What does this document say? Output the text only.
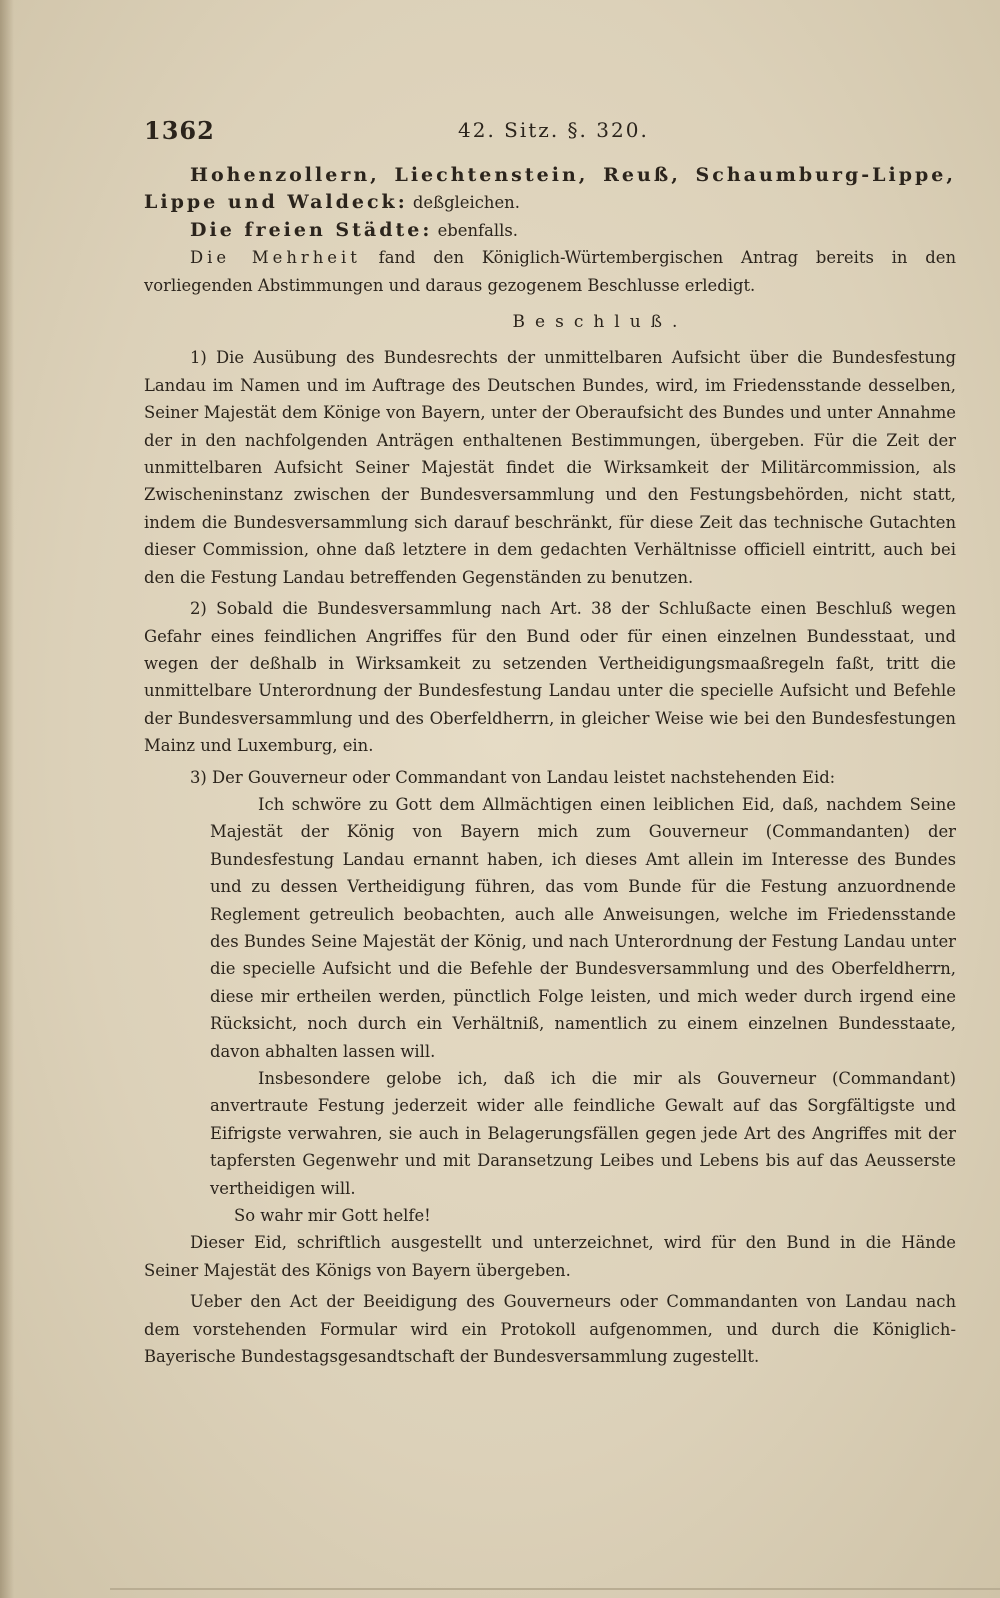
1362	42. Sitz. §. 320.

Hohenzollern, Liechtenstein, Reuß, Schaumburg-Lippe, Lippe und Waldeck: deßgleichen.

Die freien Städte: ebenfalls.

Die Mehrheit fand den Königlich-Würtembergischen Antrag bereits in den vorliegenden Abstimmungen und daraus gezogenem Beschlusse erledigt.

Beschluß.

1) Die Ausübung des Bundesrechts der unmittelbaren Aufsicht über die Bundesfestung Landau im Namen und im Auftrage des Deutschen Bundes, wird, im Friedensstande desselben, Seiner Majestät dem Könige von Bayern, unter der Oberaufsicht des Bundes und unter Annahme der in den nachfolgenden Anträgen enthaltenen Bestimmungen, übergeben. Für die Zeit der unmittelbaren Aufsicht Seiner Majestät findet die Wirksamkeit der Militärcommission, als Zwischeninstanz zwischen der Bundesversammlung und den Festungsbehörden, nicht statt, indem die Bundesversammlung sich darauf beschränkt, für diese Zeit das technische Gutachten dieser Commission, ohne daß letztere in dem gedachten Verhältnisse officiell eintritt, auch bei den die Festung Landau betreffenden Gegenständen zu benutzen.

2) Sobald die Bundesversammlung nach Art. 38 der Schlußacte einen Beschluß wegen Gefahr eines feindlichen Angriffes für den Bund oder für einen einzelnen Bundesstaat, und wegen der deßhalb in Wirksamkeit zu setzenden Vertheidigungsmaaßregeln faßt, tritt die unmittelbare Unterordnung der Bundesfestung Landau unter die specielle Aufsicht und Befehle der Bundesversammlung und des Oberfeldherrn, in gleicher Weise wie bei den Bundesfestungen Mainz und Luxemburg, ein.

3) Der Gouverneur oder Commandant von Landau leistet nachstehenden Eid:

Ich schwöre zu Gott dem Allmächtigen einen leiblichen Eid, daß, nachdem Seine Majestät der König von Bayern mich zum Gouverneur (Commandanten) der Bundesfestung Landau ernannt haben, ich dieses Amt allein im Interesse des Bundes und zu dessen Vertheidigung führen, das vom Bunde für die Festung anzuordnende Reglement getreulich beobachten, auch alle Anweisungen, welche im Friedensstande des Bundes Seine Majestät der König, und nach Unterordnung der Festung Landau unter die specielle Aufsicht und die Befehle der Bundesversammlung und des Oberfeldherrn, diese mir ertheilen werden, pünctlich Folge leisten, und mich weder durch irgend eine Rücksicht, noch durch ein Verhältniß, namentlich zu einem einzelnen Bundesstaate, davon abhalten lassen will.

Insbesondere gelobe ich, daß ich die mir als Gouverneur (Commandant) anvertraute Festung jederzeit wider alle feindliche Gewalt auf das Sorgfältigste und Eifrigste verwahren, sie auch in Belagerungsfällen gegen jede Art des Angriffes mit der tapfersten Gegenwehr und mit Daransetzung Leibes und Lebens bis auf das Aeusserste vertheidigen will.

So wahr mir Gott helfe!

Dieser Eid, schriftlich ausgestellt und unterzeichnet, wird für den Bund in die Hände Seiner Majestät des Königs von Bayern übergeben.

Ueber den Act der Beeidigung des Gouverneurs oder Commandanten von Landau nach dem vorstehenden Formular wird ein Protokoll aufgenommen, und durch die Königlich-Bayerische Bundestagsgesandtschaft der Bundesversammlung zugestellt.
